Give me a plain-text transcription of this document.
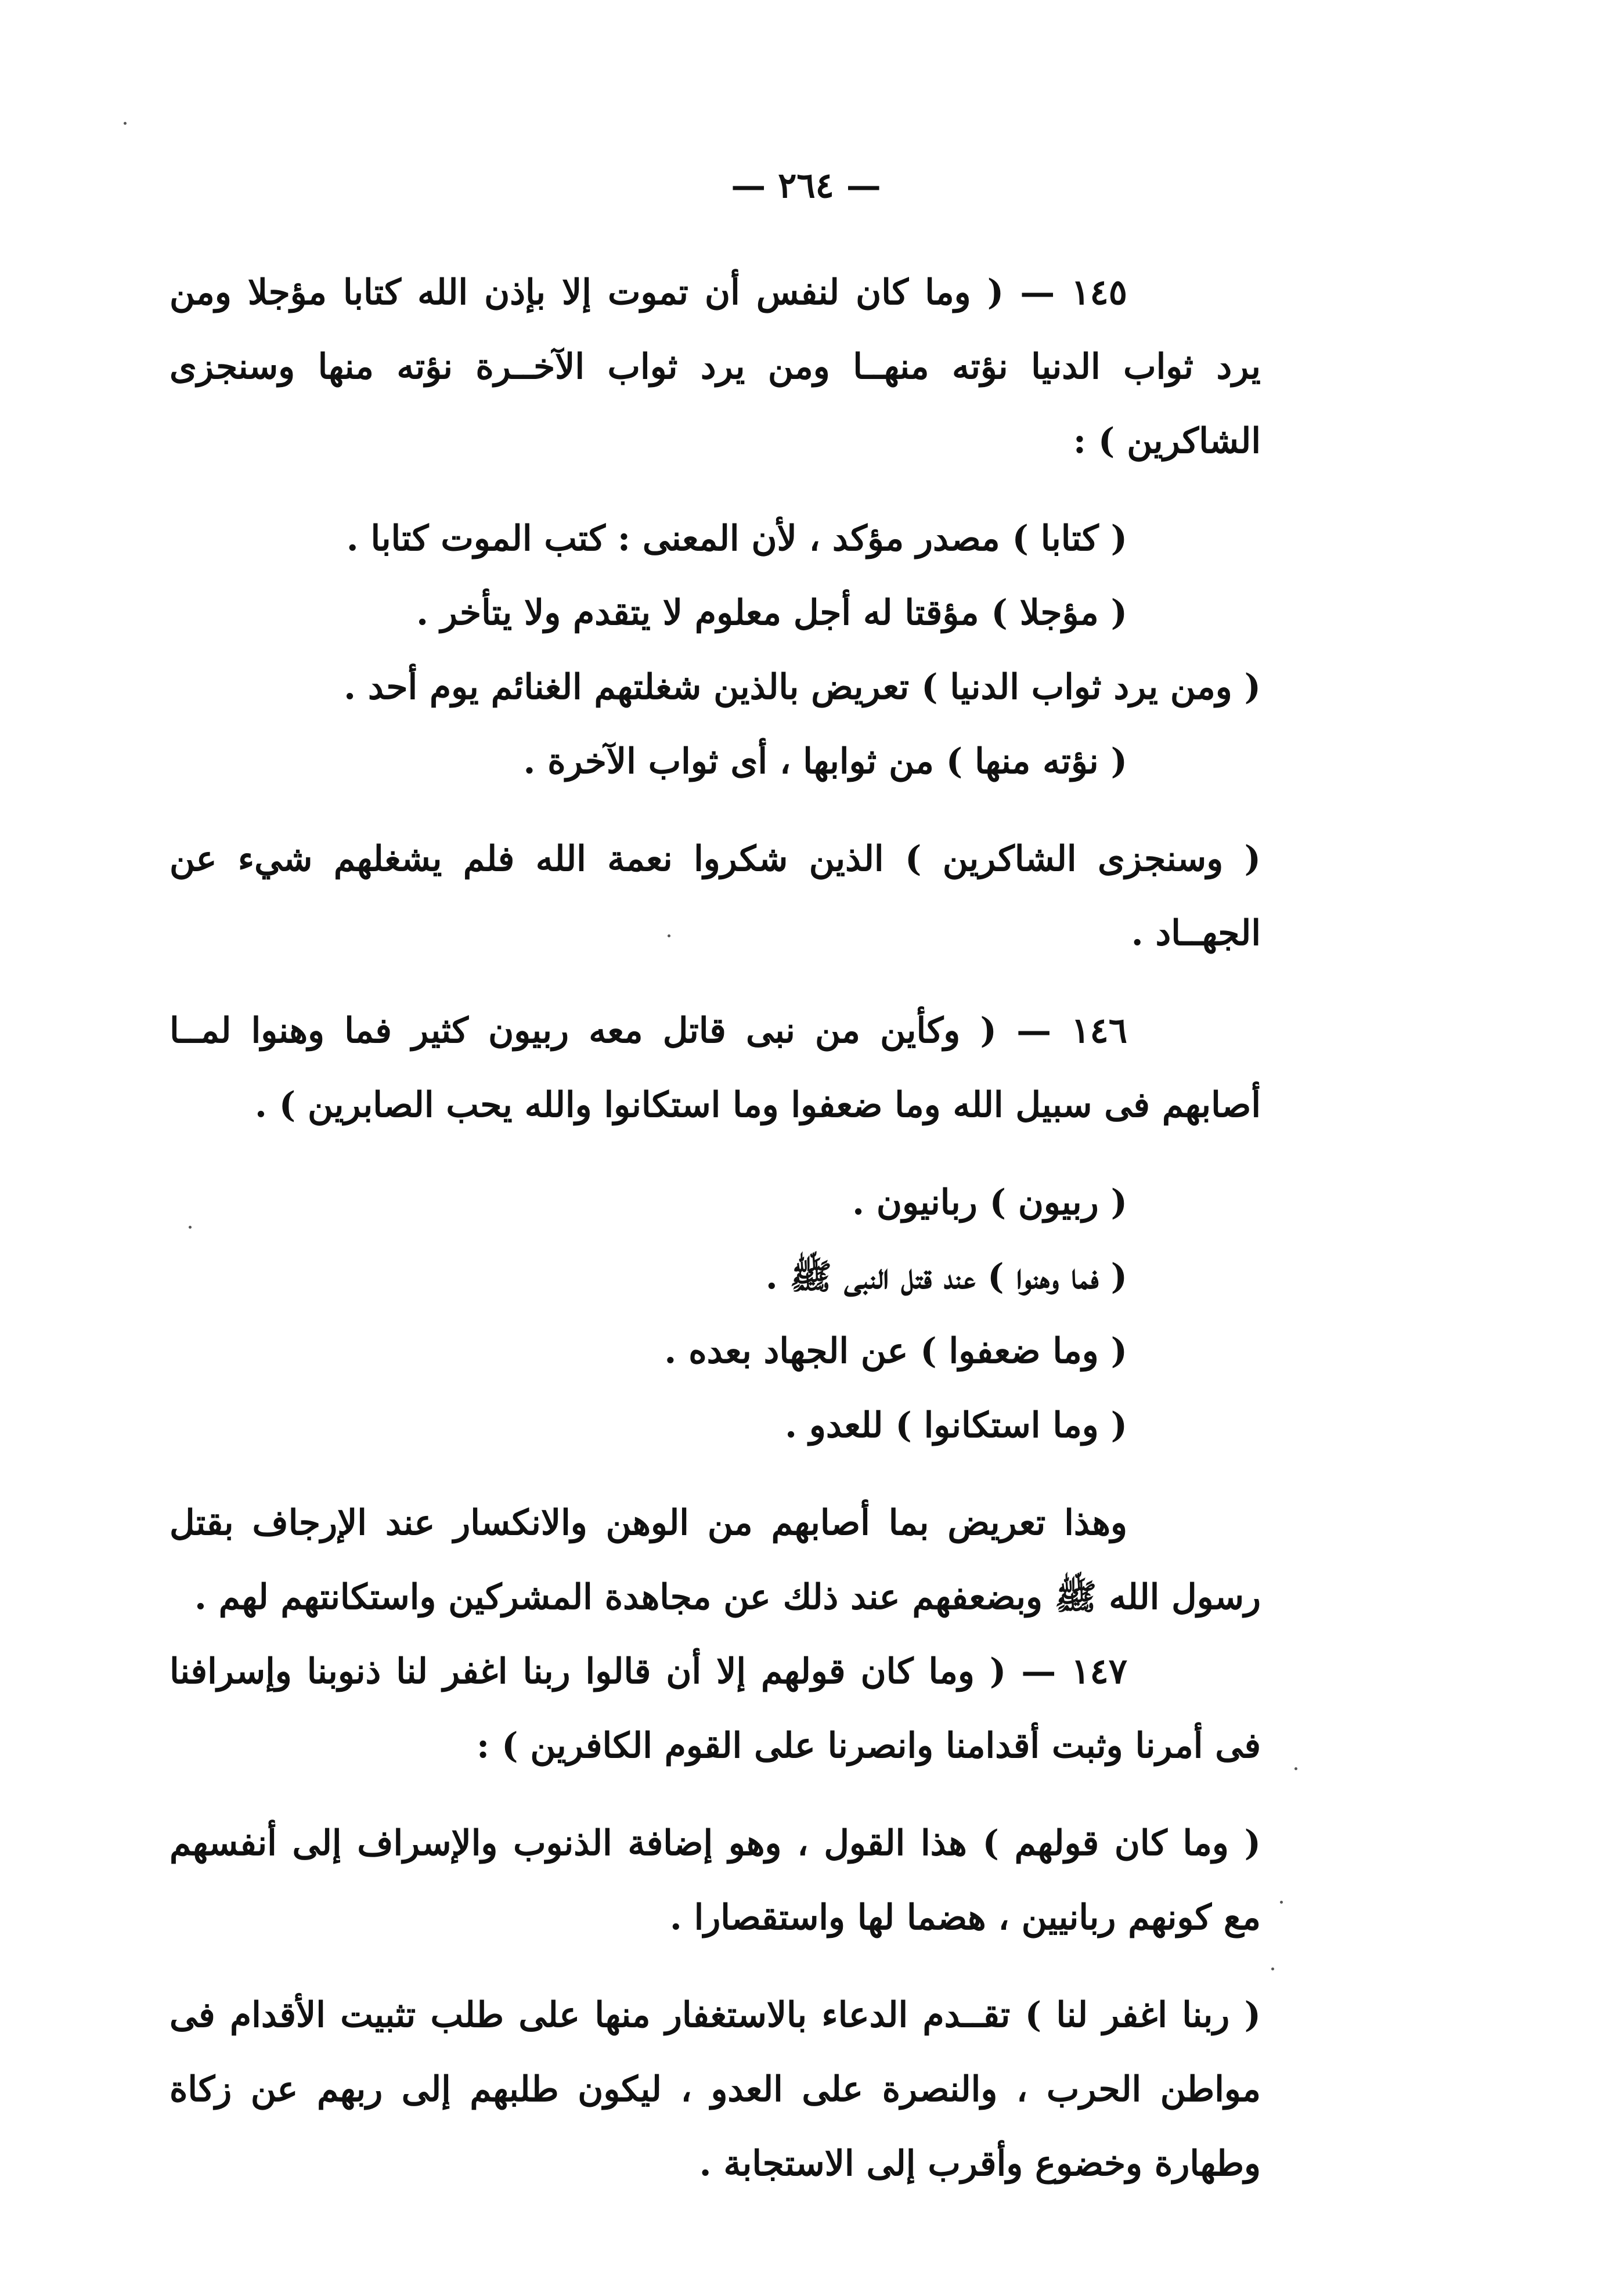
— ٢٦٤ —

١٤٥ — ( وما كان لنفس أن تموت إلا بإذن الله كتابا مؤجلا ومن يرد ثواب الدنيا نؤته منهــا ومن يرد ثواب الآخــرة نؤته منها وسنجزى الشاكرين ) :

( كتابا ) مصدر مؤكد ، لأن المعنى : كتب الموت كتابا .

( مؤجلا ) مؤقتا له أجل معلوم لا يتقدم ولا يتأخر .

( ومن يرد ثواب الدنيا ) تعريض بالذين شغلتهم الغنائم يوم أحد .

( نؤته منها ) من ثوابها ، أى ثواب الآخرة .

( وسنجزى الشاكرين ) الذين شكروا نعمة الله فلم يشغلهم شيء عن الجهــاد .

١٤٦ — ( وكأين من نبى قاتل معه ربيون كثير فما وهنوا لمــا أصابهم فى سبيل الله وما ضعفوا وما استكانوا والله يحب الصابرين ) .

( ربيون ) ربانيون .

( فما وهنوا ) عند قتل النبى ﷺ .

( وما ضعفوا ) عن الجهاد بعده .

( وما استكانوا ) للعدو .

وهذا تعريض بما أصابهم من الوهن والانكسار عند الإرجاف بقتل رسول الله ﷺ وبضعفهم عند ذلك عن مجاهدة المشركين واستكانتهم لهم .

١٤٧ — ( وما كان قولهم إلا أن قالوا ربنا اغفر لنا ذنوبنا وإسرافنا فى أمرنا وثبت أقدامنا وانصرنا على القوم الكافرين ) :

( وما كان قولهم ) هذا القول ، وهو إضافة الذنوب والإسراف إلى أنفسهم مع كونهم ربانيين ، هضما لها واستقصارا .

( ربنا اغفر لنا ) تقــدم الدعاء بالاستغفار منها على طلب تثبيت الأقدام فى مواطن الحرب ، والنصرة على العدو ، ليكون طلبهم إلى ربهم عن زكاة وطهارة وخضوع وأقرب إلى الاستجابة .
